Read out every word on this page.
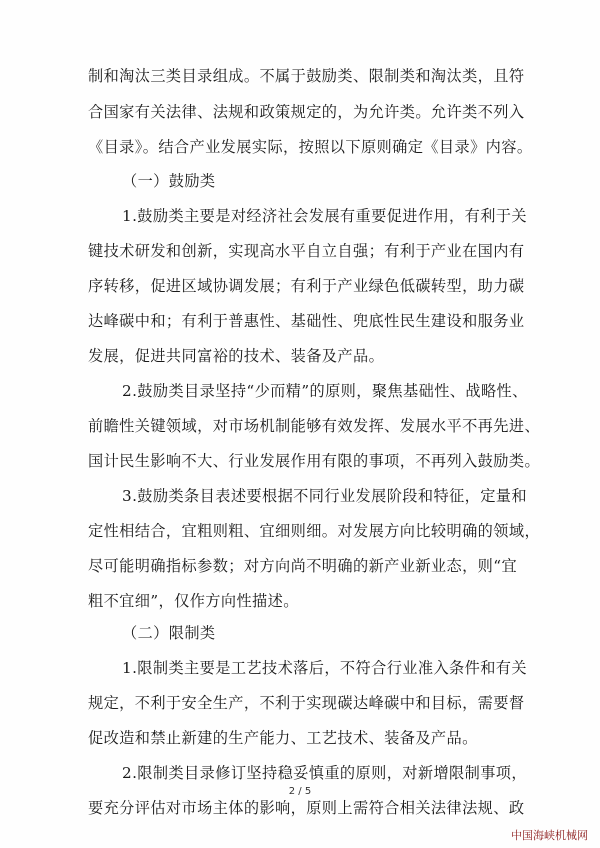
制和淘汰三类目录组成。不属于鼓励类、限制类和淘汰类，且符
合国家有关法律、法规和政策规定的，为允许类。允许类不列入
《目录》。结合产业发展实际，按照以下原则确定《目录》内容。
（一）鼓励类
1.鼓励类主要是对经济社会发展有重要促进作用，有利于关
键技术研发和创新，实现高水平自立自强；有利于产业在国内有
序转移，促进区域协调发展；有利于产业绿色低碳转型，助力碳
达峰碳中和；有利于普惠性、基础性、兜底性民生建设和服务业
发展，促进共同富裕的技术、装备及产品。
2.鼓励类目录坚持“少而精”的原则，聚焦基础性、战略性、
前瞻性关键领域，对市场机制能够有效发挥、发展水平不再先进、
国计民生影响不大、行业发展作用有限的事项，不再列入鼓励类。
3.鼓励类条目表述要根据不同行业发展阶段和特征，定量和
定性相结合，宜粗则粗、宜细则细。对发展方向比较明确的领域，
尽可能明确指标参数；对方向尚不明确的新产业新业态，则“宜
粗不宜细”，仅作方向性描述。
（二）限制类
1.限制类主要是工艺技术落后，不符合行业准入条件和有关
规定，不利于安全生产，不利于实现碳达峰碳中和目标，需要督
促改造和禁止新建的生产能力、工艺技术、装备及产品。
2.限制类目录修订坚持稳妥慎重的原则，对新增限制事项，
要充分评估对市场主体的影响，原则上需符合相关法律法规、政
2 / 5
中国海峡机械网
